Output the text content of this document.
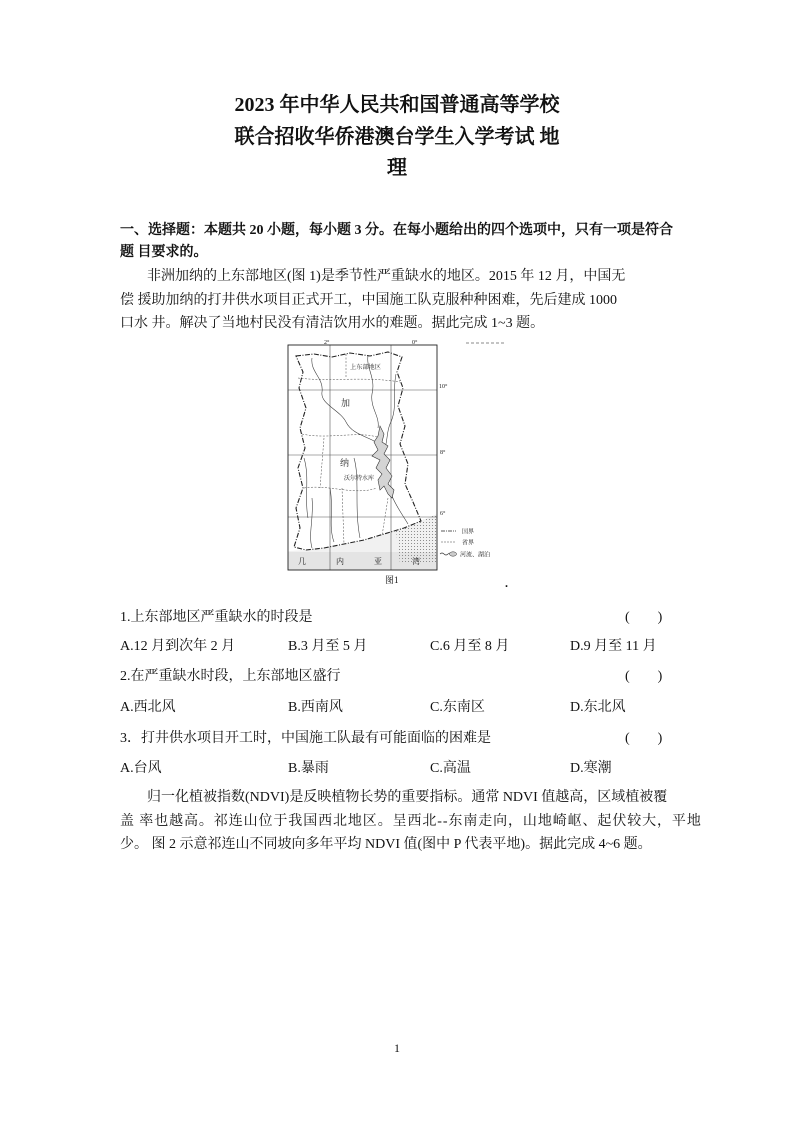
2023 年中华人民共和国普通高等学校
联合招收华侨港澳台学生入学考试 地
理
一、选择题：本题共 20 小题，每小题 3 分。在每小题给出的四个选项中，只有一项是符合
题 目要求的。
非洲加纳的上东部地区(图 1)是季节性严重缺水的地区。2015 年 12 月，中国无
偿 援助加纳的打井供水项目正式开工，中国施工队克服种种困难，先后建成 1000
口水 井。解决了当地村民没有清洁饮用水的难题。据此完成 1~3 题。
2°	0°
10°
8°
6°
上东部地区
加
纳
沃尔特水库
几	内	亚	湾
国界
省界
河流、湖泊
图1	.
1.上东部地区严重缺水的时段是	(　　)
A.12 月到次年 2 月	B.3 月至 5 月	C.6 月至 8 月	D.9 月至 11 月
2.在严重缺水时段，上东部地区盛行	(　　)
A.西北风	B.西南风	C.东南区	D.东北风
3．打井供水项目开工时，中国施工队最有可能面临的困难是	(　　)
A.台风	B.暴雨	C.高温	D.寒潮
归一化植被指数(NDVI)是反映植物长势的重要指标。通常 NDVI 值越高，区域植被覆
盖 率也越高。祁连山位于我国西北地区。呈西北--东南走向，山地崎岖、起伏较大，平地
少。 图 2 示意祁连山不同坡向多年平均 NDVI 值(图中 P 代表平地)。据此完成 4~6 题。
1
